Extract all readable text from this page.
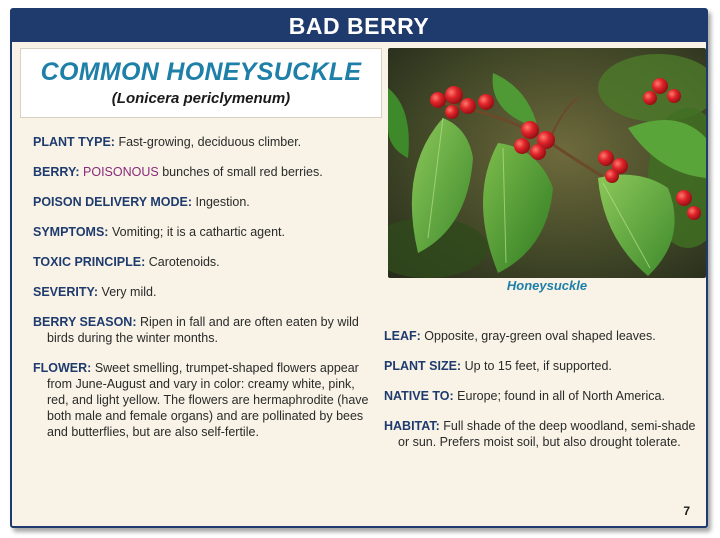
BAD BERRY
COMMON HONEYSUCKLE
(Lonicera periclymenum)
PLANT TYPE: Fast-growing, deciduous climber.
BERRY: POISONOUS bunches of small red berries.
POISON DELIVERY MODE: Ingestion.
SYMPTOMS: Vomiting; it is a cathartic agent.
TOXIC PRINCIPLE: Carotenoids.
SEVERITY: Very mild.
BERRY SEASON: Ripen in fall and are often eaten by wild birds during the winter months.
FLOWER: Sweet smelling, trumpet-shaped flowers appear from June-August and vary in color: creamy white, pink, red, and light yellow. The flowers are hermaphrodite (have both male and female organs) and are pollinated by bees and butterflies, but are also self-fertile.
Honeysuckle
LEAF: Opposite, gray-green oval shaped leaves.
PLANT SIZE: Up to 15 feet, if supported.
NATIVE TO: Europe; found in all of North America.
HABITAT: Full shade of the deep woodland, semi-shade or sun. Prefers moist soil, but also drought tolerate.
7
